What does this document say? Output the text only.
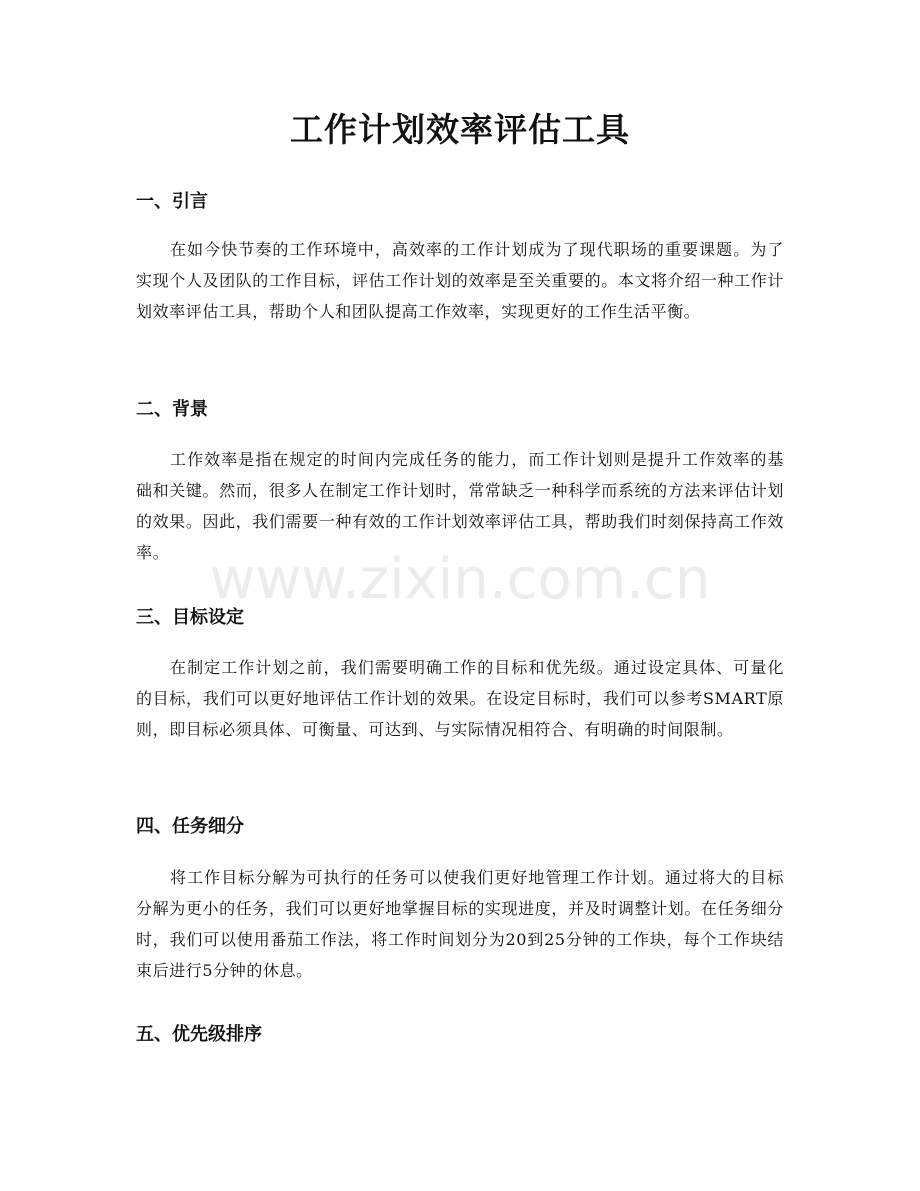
工作计划效率评估工具
一、引言

在如今快节奏的工作环境中，高效率的工作计划成为了现代职场的重要课题。为了实现个人及团队的工作目标，评估工作计划的效率是至关重要的。本文将介绍一种工作计划效率评估工具，帮助个人和团队提高工作效率，实现更好的工作生活平衡。

二、背景

工作效率是指在规定的时间内完成任务的能力，而工作计划则是提升工作效率的基础和关键。然而，很多人在制定工作计划时，常常缺乏一种科学而系统的方法来评估计划的效果。因此，我们需要一种有效的工作计划效率评估工具，帮助我们时刻保持高工作效率。

三、目标设定

在制定工作计划之前，我们需要明确工作的目标和优先级。通过设定具体、可量化的目标，我们可以更好地评估工作计划的效果。在设定目标时，我们可以参考SMART原则，即目标必须具体、可衡量、可达到、与实际情况相符合、有明确的时间限制。

四、任务细分

将工作目标分解为可执行的任务可以使我们更好地管理工作计划。通过将大的目标分解为更小的任务，我们可以更好地掌握目标的实现进度，并及时调整计划。在任务细分时，我们可以使用番茄工作法，将工作时间划分为20到25分钟的工作块，每个工作块结束后进行5分钟的休息。

五、优先级排序
www.zixin.com.cn
